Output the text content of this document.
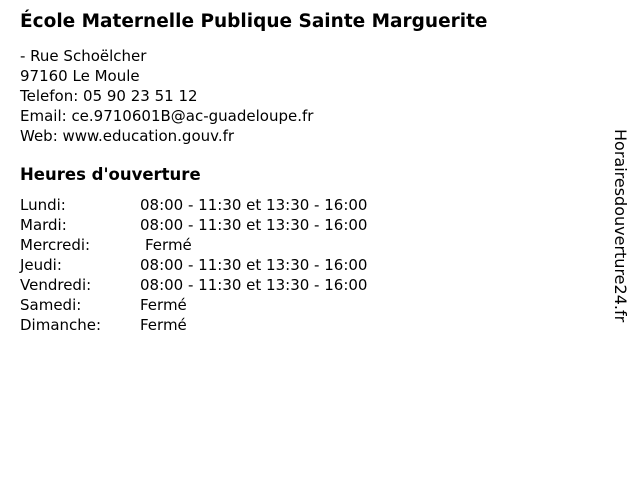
École Maternelle Publique Sainte Marguerite
- Rue Schoëlcher
97160 Le Moule
Telefon: 05 90 23 51 12
Email: ce.9710601B@ac-guadeloupe.fr
Web: www.education.gouv.fr
Heures d'ouverture
Lundi:	08:00 - 11:30 et 13:30 - 16:00
Mardi:	08:00 - 11:30 et 13:30 - 16:00
Mercredi:	Fermé
Jeudi:	08:00 - 11:30 et 13:30 - 16:00
Vendredi:	08:00 - 11:30 et 13:30 - 16:00
Samedi:	Fermé
Dimanche:	Fermé
Horairesdouverture24.fr
